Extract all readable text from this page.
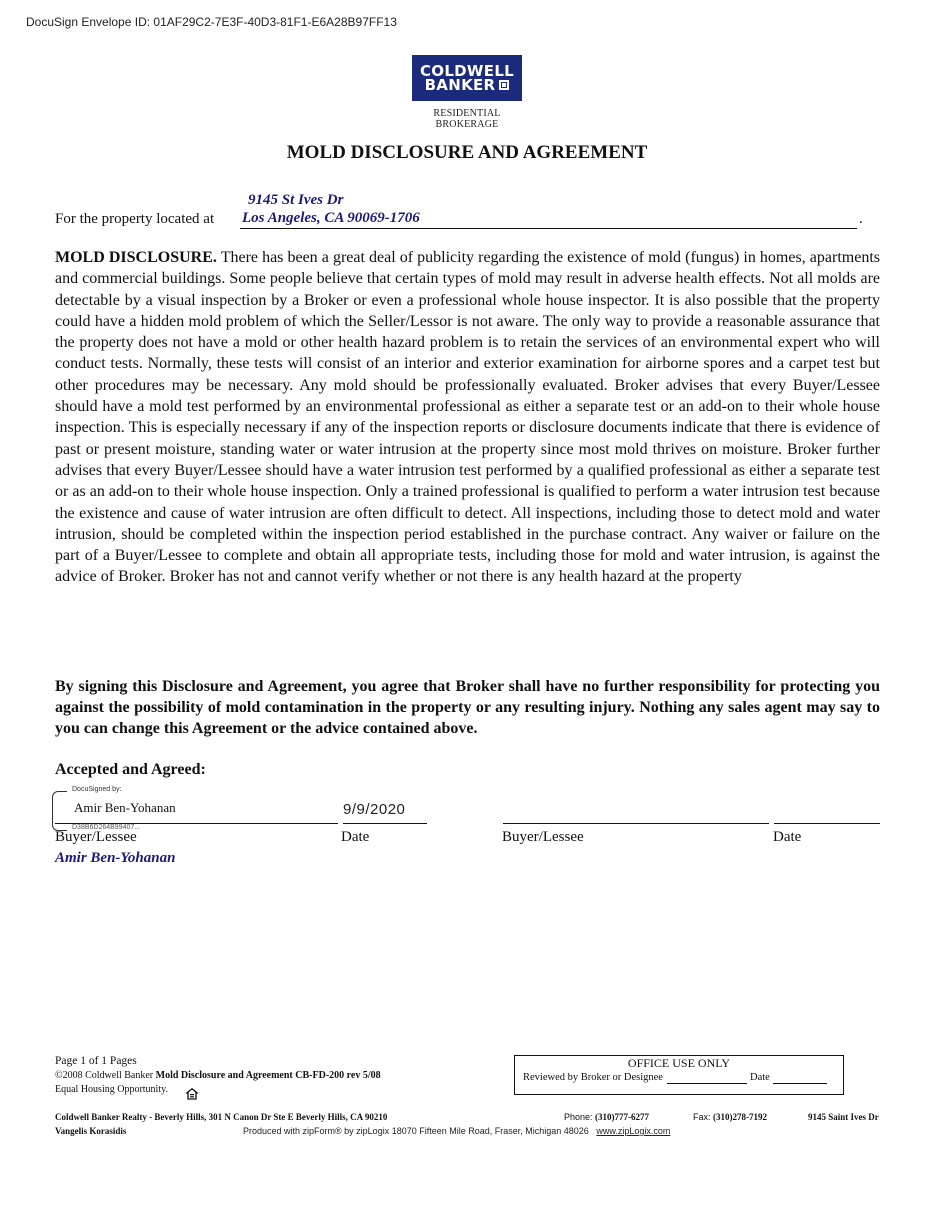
DocuSign Envelope ID: 01AF29C2-7E3F-40D3-81F1-E6A28B97FF13
COLDWELL
BANKER
RESIDENTIAL BROKERAGE
MOLD DISCLOSURE AND AGREEMENT
9145 St Ives Dr
For the property located at Los Angeles, CA 90069-1706	.
MOLD DISCLOSURE. There has been a great deal of publicity regarding the existence of mold (fungus) in homes, apartments and commercial buildings. Some people believe that certain types of mold may result in adverse health effects. Not all molds are detectable by a visual inspection by a Broker or even a professional whole house inspector. It is also possible that the property could have a hidden mold problem of which the Seller/Lessor is not aware. The only way to provide a reasonable assurance that the property does not have a mold or other health hazard problem is to retain the services of an environmental expert who will conduct tests. Normally, these tests will consist of an interior and exterior examination for airborne spores and a carpet test but other procedures may be necessary. Any mold should be professionally evaluated. Broker advises that every Buyer/Lessee should have a mold test performed by an environmental professional as either a separate test or an add-on to their whole house inspection. This is especially necessary if any of the inspection reports or disclosure documents indicate that there is evidence of past or present moisture, standing water or water intrusion at the property since most mold thrives on moisture. Broker further advises that every Buyer/Lessee should have a water intrusion test performed by a qualified professional as either a separate test or as an add-on to their whole house inspection. Only a trained professional is qualified to perform a water intrusion test because the existence and cause of water intrusion are often difficult to detect. All inspections, including those to detect mold and water intrusion, should be completed within the inspection period established in the purchase contract. Any waiver or failure on the part of a Buyer/Lessee to complete and obtain all appropriate tests, including those for mold and water intrusion, is against the advice of Broker. Broker has not and cannot verify whether or not there is any health hazard at the property
By signing this Disclosure and Agreement, you agree that Broker shall have no further responsibility for protecting you against the possibility of mold contamination in the property or any resulting injury. Nothing any sales agent may say to you can change this Agreement or the advice contained above.
Accepted and Agreed:
DocuSigned by:
Amir Ben-Yohanan
D38B6D264B99407...
9/9/2020
Buyer/Lessee	Date
Amir Ben-Yohanan
Buyer/Lessee	Date
Page 1 of 1 Pages
©2008 Coldwell Banker Mold Disclosure and Agreement CB-FD-200 rev 5/08
Equal Housing Opportunity.
OFFICE USE ONLY
Reviewed by Broker or Designee	Date
Coldwell Banker Realty - Beverly Hills, 301 N Canon Dr Ste E Beverly Hills, CA 90210	Phone: (310)777-6277	Fax: (310)278-7192	9145 Saint Ives Dr
Vangelis Korasidis	Produced with zipForm® by zipLogix 18070 Fifteen Mile Road, Fraser, Michigan 48026 www.zipLogix.com
